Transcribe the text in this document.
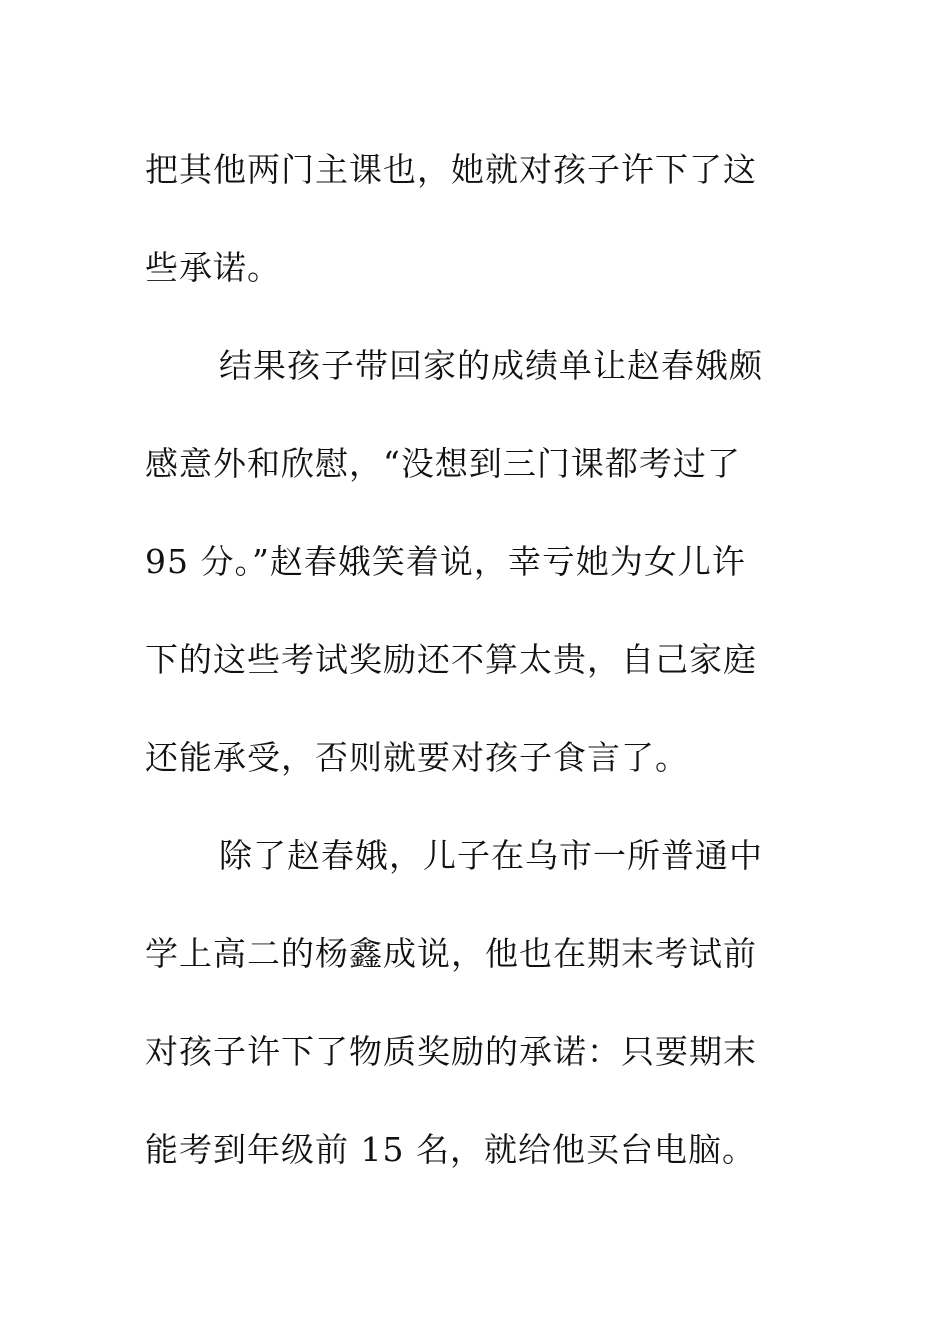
把其他两门主课也，她就对孩子许下了这
些承诺。
结果孩子带回家的成绩单让赵春娥颇
感意外和欣慰，“没想到三门课都考过了
95 分。”赵春娥笑着说，幸亏她为女儿许
下的这些考试奖励还不算太贵，自己家庭
还能承受，否则就要对孩子食言了。
除了赵春娥，儿子在乌市一所普通中
学上高二的杨鑫成说，他也在期末考试前
对孩子许下了物质奖励的承诺：只要期末
能考到年级前 15 名，就给他买台电脑。
